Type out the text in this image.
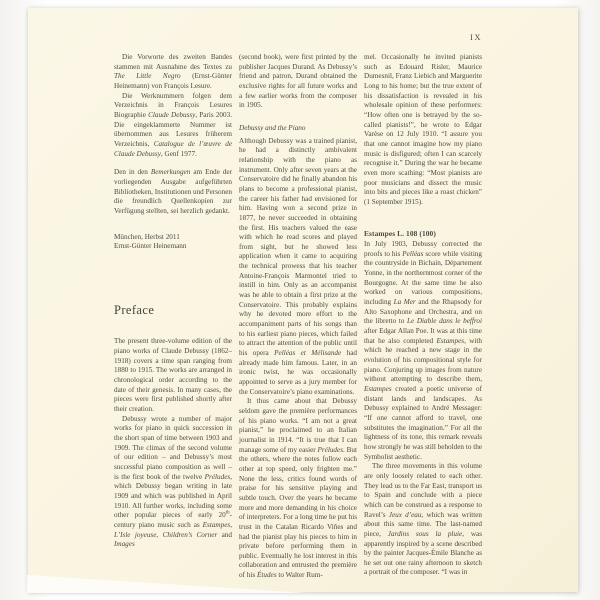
IX

Die Vorworte des zweiten Bandes stammen mit Ausnahme des Textes zu The Little Negro (Ernst-Günter Heinemann) von François Lesure.

Die Werknummern folgen dem Verzeichnis in François Lesures Biographie Claude Debussy, Paris 2003. Die eingeklammerte Nummer ist übernommen aus Lesures früherem Verzeichnis, Catalogue de l’œuvre de Claude Debussy, Genf 1977.

Den in den Bemerkungen am Ende der vorliegenden Ausgabe aufgeführten Bibliotheken, Institutionen und Personen die freundlich Quellenkopien zur Verfügung stellten, sei herzlich gedankt.

München, Herbst 2011

Ernst-Günter Heinemann

Preface

The present three-volume edition of the piano works of Claude Debussy (1862–1918) covers a time span ranging from 1880 to 1915. The works are arranged in chronological order according to the date of their genesis. In many cases, the pieces were first published shortly after their creation.

Debussy wrote a number of major works for piano in quick succession in the short span of time between 1903 and 1909. The climax of the second volume of our edition – and Debussy’s most successful piano composition as well – is the first book of the twelve Préludes, which Debussy began writing in late 1909 and which was published in April 1910. All further works, including some other popular pieces of early 20th-century piano music such as Estampes, L’Isle joyeuse, Children’s Corner and Images

(second book), were first printed by the publisher Jacques Durand. As Debussy’s friend and patron, Durand obtained the exclusive rights for all future works and a few earlier works from the composer in 1905.

Debussy and the Piano

Although Debussy was a trained pianist, he had a distinctly ambivalent relationship with the piano as instrument. Only after seven years at the Conservatoire did he finally abandon his plans to become a professional pianist, the career his father had envisioned for him. Having won a second prize in 1877, he never succeeded in obtaining the first. His teachers valued the ease with which he read scores and played from sight, but he showed less application when it came to acquiring the technical prowess that his teacher Antoine-François Marmontel tried to instill in him. Only as an accompanist was he able to obtain a first prize at the Conservatoire. This probably explains why he devoted more effort to the accompaniment parts of his songs than to his earliest piano pieces, which failed to attract the attention of the public until his opera Pelléas et Mélisande had already made him famous. Later, in an ironic twist, he was occasionally appointed to serve as a jury member for the Conservatoire’s piano examinations.

It thus came about that Debussy seldom gave the première performances of his piano works. “I am not a great pianist,” he proclaimed to an Italian journalist in 1914. “It is true that I can manage some of my easier Préludes. But the others, where the notes follow each other at top speed, only frighten me.” None the less, critics found words of praise for his sensitive playing and subtle touch. Over the years he became more and more demanding in his choice of interpreters. For a long time he put his trust in the Catalan Ricardo Viñes and had the pianist play his pieces to him in private before performing them in public. Eventually he lost interest in this collaboration and entrusted the première of his Études to Walter Rum-

mel. Occasionally he invited pianists such as Edouard Risler, Maurice Dumesnil, Franz Liebich and Marguerite Long to his home; but the true extent of his dissatisfaction is revealed in his wholesale opinion of these performers: “How often one is betrayed by the so-called pianists!”, he wrote to Edgar Varèse on 12 July 1910. “I assure you that one cannot imagine how my piano music is disfigured; often I can scarcely recognise it.” During the war he became even more scathing: “Most pianists are poor musicians and dissect the music into bits and pieces like a roast chicken” (1 September 1915).

Estampes L. 108 (100)

In July 1903, Debussy corrected the proofs to his Pelléas score while visiting the countryside in Bichain, Département Yonne, in the northernmost corner of the Bourgogne. At the same time he also worked on various compositions, including La Mer and the Rhapsody for Alto Saxophone and Orchestra, and on the libretto to Le Diable dans le beffroi after Edgar Allan Poe. It was at this time that he also completed Estampes, with which he reached a new stage in the evolution of his compositional style for piano. Conjuring up images from nature without attempting to describe them, Estampes created a poetic universe of distant lands and landscapes. As Debussy explained to André Messager: “If one cannot afford to travel, one substitutes the imagination.” For all the lightness of its tone, this remark reveals how strongly he was still beholden to the Symbolist aesthetic.

The three movements in this volume are only loosely related to each other. They lead us to the Far East, transport us to Spain and conclude with a piece which can be construed as a response to Ravel’s Jeux d’eau, which was written about this same time. The last-named piece, Jardins sous la pluie, was apparently inspired by a scene described by the painter Jacques-Émile Blanche as he set out one rainy afternoon to sketch a portrait of the composer. “I was in
